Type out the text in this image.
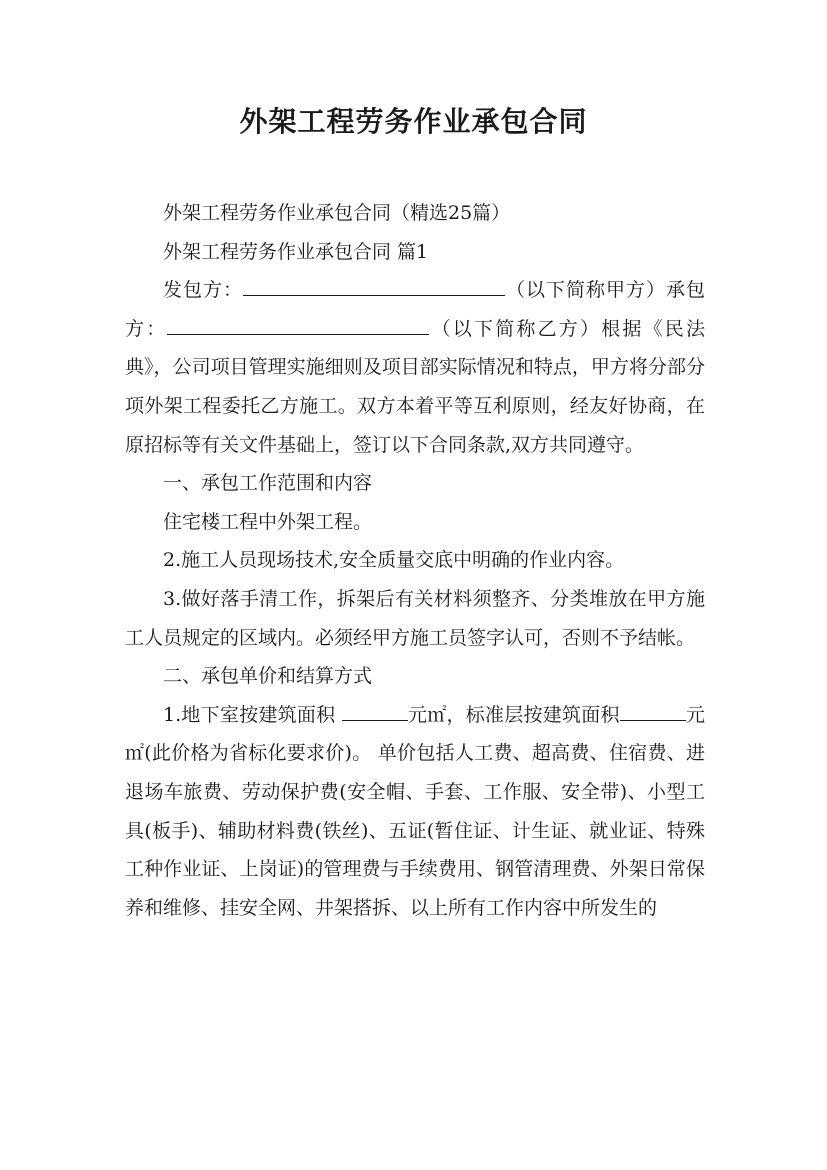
外架工程劳务作业承包合同

外架工程劳务作业承包合同（精选25篇）

外架工程劳务作业承包合同 篇1

发包方：	（以下简称甲方）承包方：	（以下简称乙方）根据《民法典》，公司项目管理实施细则及项目部实际情况和特点，甲方将分部分项外架工程委托乙方施工。双方本着平等互利原则，经友好协商，在原招标等有关文件基础上，签订以下合同条款,双方共同遵守。

一、承包工作范围和内容

住宅楼工程中外架工程。

2.施工人员现场技术,安全质量交底中明确的作业内容。

3.做好落手清工作，拆架后有关材料须整齐、分类堆放在甲方施工人员规定的区域内。必须经甲方施工员签字认可，否则不予结帐。

二、承包单价和结算方式

1.地下室按建筑面积	元㎡，标准层按建筑面积	元㎡(此价格为省标化要求价)。 单价包括人工费、超高费、住宿费、进退场车旅费、劳动保护费(安全帽、手套、工作服、安全带)、小型工具(板手)、辅助材料费(铁丝)、五证(暂住证、计生证、就业证、特殊工种作业证、上岗证)的管理费与手续费用、钢管清理费、外架日常保养和维修、挂安全网、井架搭拆、以上所有工作内容中所发生的
